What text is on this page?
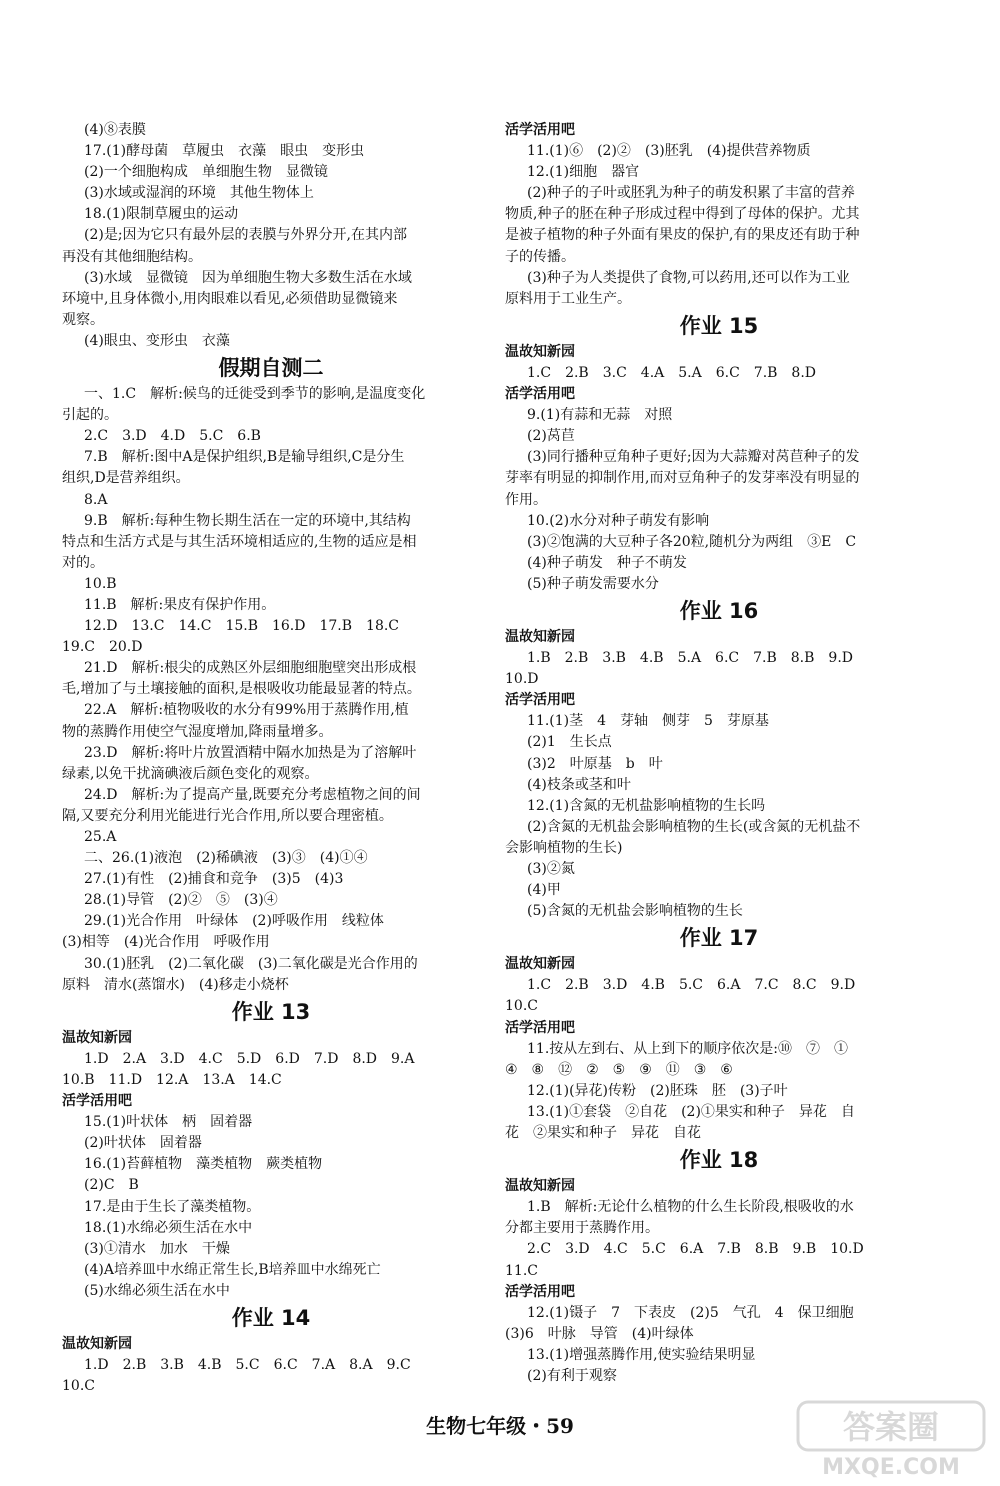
(4)⑧表膜
17.(1)酵母菌　草履虫　衣藻　眼虫　变形虫
(2)一个细胞构成　单细胞生物　显微镜
(3)水域或湿润的环境　其他生物体上
18.(1)限制草履虫的运动
(2)是;因为它只有最外层的表膜与外界分开,在其内部
再没有其他细胞结构。
(3)水域　显微镜　因为单细胞生物大多数生活在水域
环境中,且身体微小,用肉眼难以看见,必须借助显微镜来
观察。
(4)眼虫、变形虫　衣藻
假期自测二
一、1.C　解析:候鸟的迁徙受到季节的影响,是温度变化
引起的。
2.C　3.D　4.D　5.C　6.B
7.B　解析:图中A是保护组织,B是输导组织,C是分生
组织,D是营养组织。
8.A
9.B　解析:每种生物长期生活在一定的环境中,其结构
特点和生活方式是与其生活环境相适应的,生物的适应是相
对的。
10.B
11.B　解析:果皮有保护作用。
12.D　13.C　14.C　15.B　16.D　17.B　18.C
19.C　20.D
21.D　解析:根尖的成熟区外层细胞细胞壁突出形成根
毛,增加了与土壤接触的面积,是根吸收功能最显著的特点。
22.A　解析:植物吸收的水分有99%用于蒸腾作用,植
物的蒸腾作用使空气湿度增加,降雨量增多。
23.D　解析:将叶片放置酒精中隔水加热是为了溶解叶
绿素,以免干扰滴碘液后颜色变化的观察。
24.D　解析:为了提高产量,既要充分考虑植物之间的间
隔,又要充分利用光能进行光合作用,所以要合理密植。
25.A
二、26.(1)液泡　(2)稀碘液　(3)③　(4)①④
27.(1)有性　(2)捕食和竞争　(3)5　(4)3
28.(1)导管　(2)②　⑤　(3)④
29.(1)光合作用　叶绿体　(2)呼吸作用　线粒体
(3)相等　(4)光合作用　呼吸作用
30.(1)胚乳　(2)二氧化碳　(3)二氧化碳是光合作用的
原料　清水(蒸馏水)　(4)移走小烧杯
作业 13
温故知新园
1.D　2.A　3.D　4.C　5.D　6.D　7.D　8.D　9.A
10.B　11.D　12.A　13.A　14.C
活学活用吧
15.(1)叶状体　柄　固着器
(2)叶状体　固着器
16.(1)苔藓植物　藻类植物　蕨类植物
(2)C　B
17.是由于生长了藻类植物。
18.(1)水绵必须生活在水中
(3)①清水　加水　干燥
(4)A培养皿中水绵正常生长,B培养皿中水绵死亡
(5)水绵必须生活在水中
作业 14
温故知新园
1.D　2.B　3.B　4.B　5.C　6.C　7.A　8.A　9.C
10.C
活学活用吧
11.(1)⑥　(2)②　(3)胚乳　(4)提供营养物质
12.(1)细胞　器官
(2)种子的子叶或胚乳为种子的萌发积累了丰富的营养
物质,种子的胚在种子形成过程中得到了母体的保护。尤其
是被子植物的种子外面有果皮的保护,有的果皮还有助于种
子的传播。
(3)种子为人类提供了食物,可以药用,还可以作为工业
原料用于工业生产。
作业 15
温故知新园
1.C　2.B　3.C　4.A　5.A　6.C　7.B　8.D
活学活用吧
9.(1)有蒜和无蒜　对照
(2)莴苣
(3)同行播种豆角种子更好;因为大蒜瓣对莴苣种子的发
芽率有明显的抑制作用,而对豆角种子的发芽率没有明显的
作用。
10.(2)水分对种子萌发有影响
(3)②饱满的大豆种子各20粒,随机分为两组　③E　C
(4)种子萌发　种子不萌发
(5)种子萌发需要水分
作业 16
温故知新园
1.B　2.B　3.B　4.B　5.A　6.C　7.B　8.B　9.D
10.D
活学活用吧
11.(1)茎　4　芽轴　侧芽　5　芽原基
(2)1　生长点
(3)2　叶原基　b　叶
(4)枝条或茎和叶
12.(1)含氮的无机盐影响植物的生长吗
(2)含氮的无机盐会影响植物的生长(或含氮的无机盐不
会影响植物的生长)
(3)②氮
(4)甲
(5)含氮的无机盐会影响植物的生长
作业 17
温故知新园
1.C　2.B　3.D　4.B　5.C　6.A　7.C　8.C　9.D
10.C
活学活用吧
11.按从左到右、从上到下的顺序依次是:⑩　⑦　①
④　⑧　⑫　②　⑤　⑨　⑪　③　⑥
12.(1)(异花)传粉　(2)胚珠　胚　(3)子叶
13.(1)①套袋　②自花　(2)①果实和种子　异花　自
花　②果实和种子　异花　自花
作业 18
温故知新园
1.B　解析:无论什么植物的什么生长阶段,根吸收的水
分都主要用于蒸腾作用。
2.C　3.D　4.C　5.C　6.A　7.B　8.B　9.B　10.D
11.C
活学活用吧
12.(1)镊子　7　下表皮　(2)5　气孔　4　保卫细胞
(3)6　叶脉　导管　(4)叶绿体
13.(1)增强蒸腾作用,使实验结果明显
(2)有利于观察
生物七年级・59	答案圈
MXQE.COM
